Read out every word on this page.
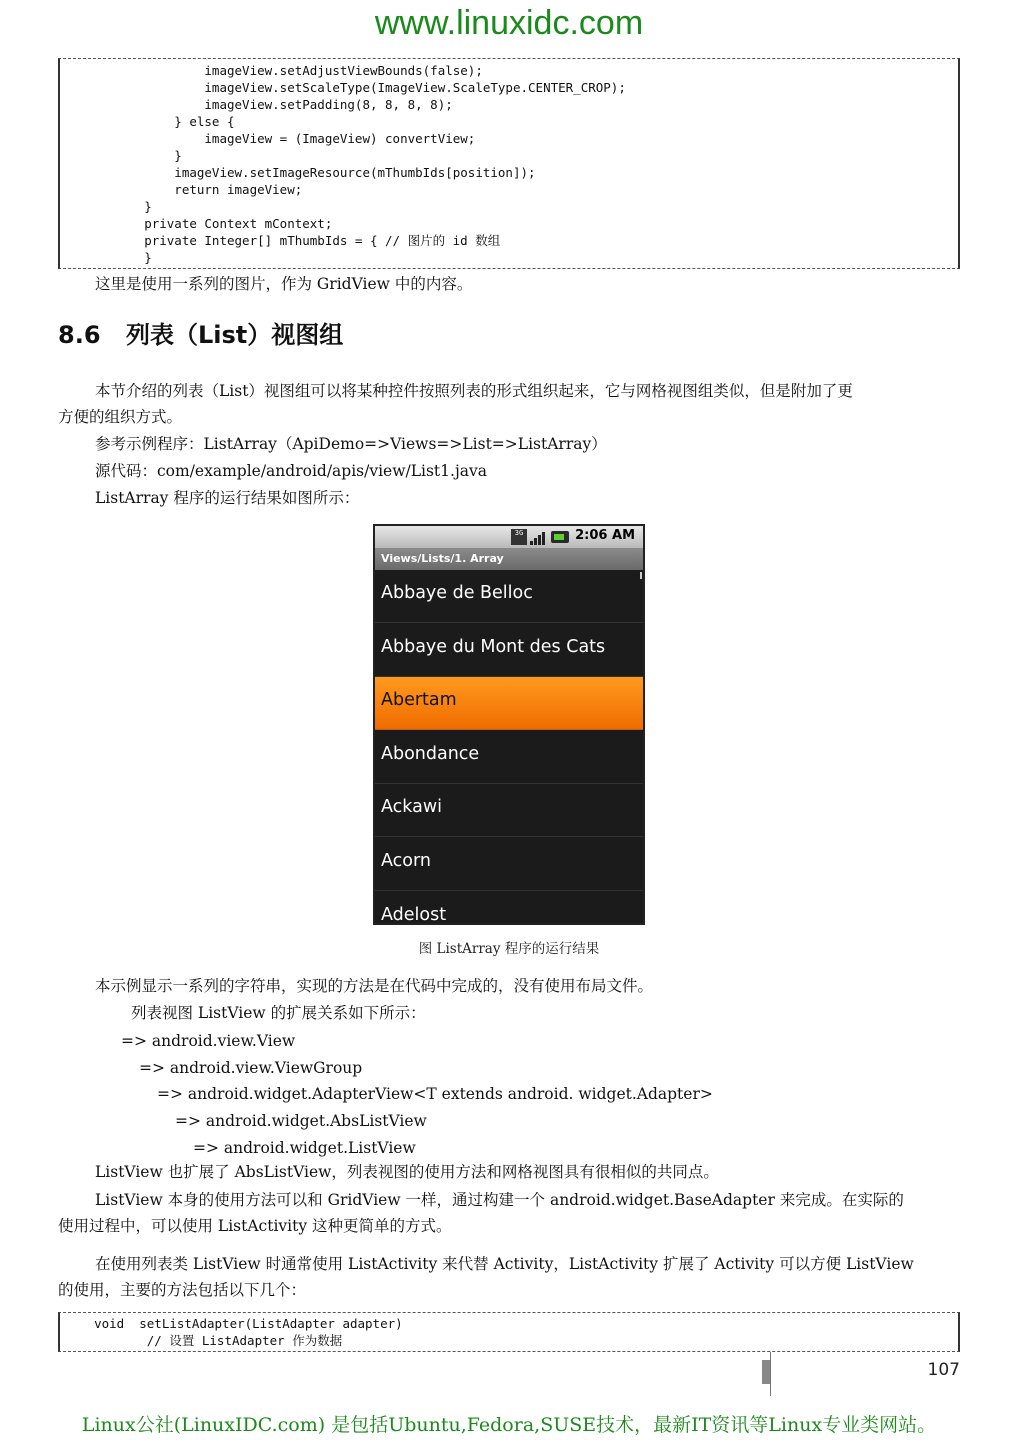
www.linuxidc.com
imageView.setAdjustViewBounds(false);
imageView.setScaleType(ImageView.ScaleType.CENTER_CROP);
imageView.setPadding(8, 8, 8, 8);
} else {
imageView = (ImageView) convertView;
}
imageView.setImageResource(mThumbIds[position]);
return imageView;
}
private Context mContext;
private Integer[] mThumbIds = { // 图片的 id 数组
}
这里是使用一系列的图片，作为 GridView 中的内容。
8.6 列表（List）视图组
本节介绍的列表（List）视图组可以将某种控件按照列表的形式组织起来，它与网格视图组类似，但是附加了更
方便的组织方式。
参考示例程序：ListArray（ApiDemo=>Views=>List=>ListArray）
源代码：com/example/android/apis/view/List1.java
ListArray 程序的运行结果如图所示：
3G	2:06 AM
Views/Lists/1. Array
Abbaye de Belloc
Abbaye du Mont des Cats
Abertam
Abondance
Ackawi
Acorn
Adelost
图 ListArray 程序的运行结果
本示例显示一系列的字符串，实现的方法是在代码中完成的，没有使用布局文件。
列表视图 ListView 的扩展关系如下所示：
=> android.view.View
=> android.view.ViewGroup
=> android.widget.AdapterView<T extends android. widget.Adapter>
=> android.widget.AbsListView
=> android.widget.ListView
ListView 也扩展了 AbsListView，列表视图的使用方法和网格视图具有很相似的共同点。
ListView 本身的使用方法可以和 GridView 一样，通过构建一个 android.widget.BaseAdapter 来完成。在实际的
使用过程中，可以使用 ListActivity 这种更简单的方式。
在使用列表类 ListView 时通常使用 ListActivity 来代替 Activity，ListActivity 扩展了 Activity 可以方便 ListView
的使用，主要的方法包括以下几个：
void  setListAdapter(ListAdapter adapter)
// 设置 ListAdapter 作为数据
107
Linux公社(LinuxIDC.com) 是包括Ubuntu,Fedora,SUSE技术，最新IT资讯等Linux专业类网站。
